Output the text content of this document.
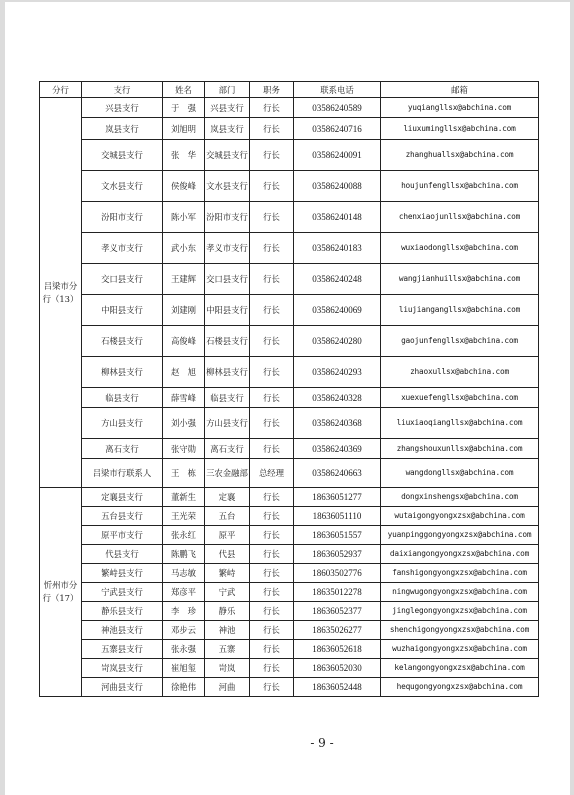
分行	支行	姓名	部门	职务	联系电话	邮箱
吕梁市分行（13）	兴县支行	于　强	兴县支行	行长	03586240589	yuqiangllsx@abchina.com
	岚县支行	刘旭明	岚县支行	行长	03586240716	liuxumingllsx@abchina.com
	交城县支行	张　华	交城县支行	行长	03586240091	zhanghuallsx@abchina.com
	文水县支行	侯俊峰	文水县支行	行长	03586240088	houjunfengllsx@abchina.com
	汾阳市支行	陈小军	汾阳市支行	行长	03586240148	chenxiaojunllsx@abchina.com
	孝义市支行	武小东	孝义市支行	行长	03586240183	wuxiaodongllsx@abchina.com
	交口县支行	王建辉	交口县支行	行长	03586240248	wangjianhuillsx@abchina.com
	中阳县支行	刘建刚	中阳县支行	行长	03586240069	liujiangangllsx@abchina.com
	石楼县支行	高俊峰	石楼县支行	行长	03586240280	gaojunfengllsx@abchina.com
	柳林县支行	赵　旭	柳林县支行	行长	03586240293	zhaoxullsx@abchina.com
	临县支行	薛雪峰	临县支行	行长	03586240328	xuexuefengllsx@abchina.com
	方山县支行	刘小强	方山县支行	行长	03586240368	liuxiaoqiangllsx@abchina.com
	离石支行	张守勋	离石支行	行长	03586240369	zhangshouxunllsx@abchina.com
	吕梁市行联系人	王　栋	三农金融部	总经理	03586240663	wangdongllsx@abchina.com
忻州市分行（17）	定襄县支行	董新生	定襄	行长	18636051277	dongxinshengsx@abchina.com
	五台县支行	王光荣	五台	行长	18636051110	wutaigongyongxzsx@abchina.com
	原平市支行	张永红	原平	行长	18636051557	yuanpinggongyongxzsx@abchina.com
	代县支行	陈鹏飞	代县	行长	18636052937	daixiangongyongxzsx@abchina.com
	繁峙县支行	马志敏	繁峙	行长	18603502776	fanshigongyongxzsx@abchina.com
	宁武县支行	郑彦平	宁武	行长	18635012278	ningwugongyongxzsx@abchina.com
	静乐县支行	李　珍	静乐	行长	18636052377	jinglegongyongxzsx@abchina.com
	神池县支行	邓步云	神池	行长	18635026277	shenchigongyongxzsx@abchina.com
	五寨县支行	张永强	五寨	行长	18636052618	wuzhaigongyongxzsx@abchina.com
	岢岚县支行	崔旭玺	岢岚	行长	18636052030	kelangongyongxzsx@abchina.com
	河曲县支行	徐艳伟	河曲	行长	18636052448	hequgongyongxzsx@abchina.com
- 9 -
